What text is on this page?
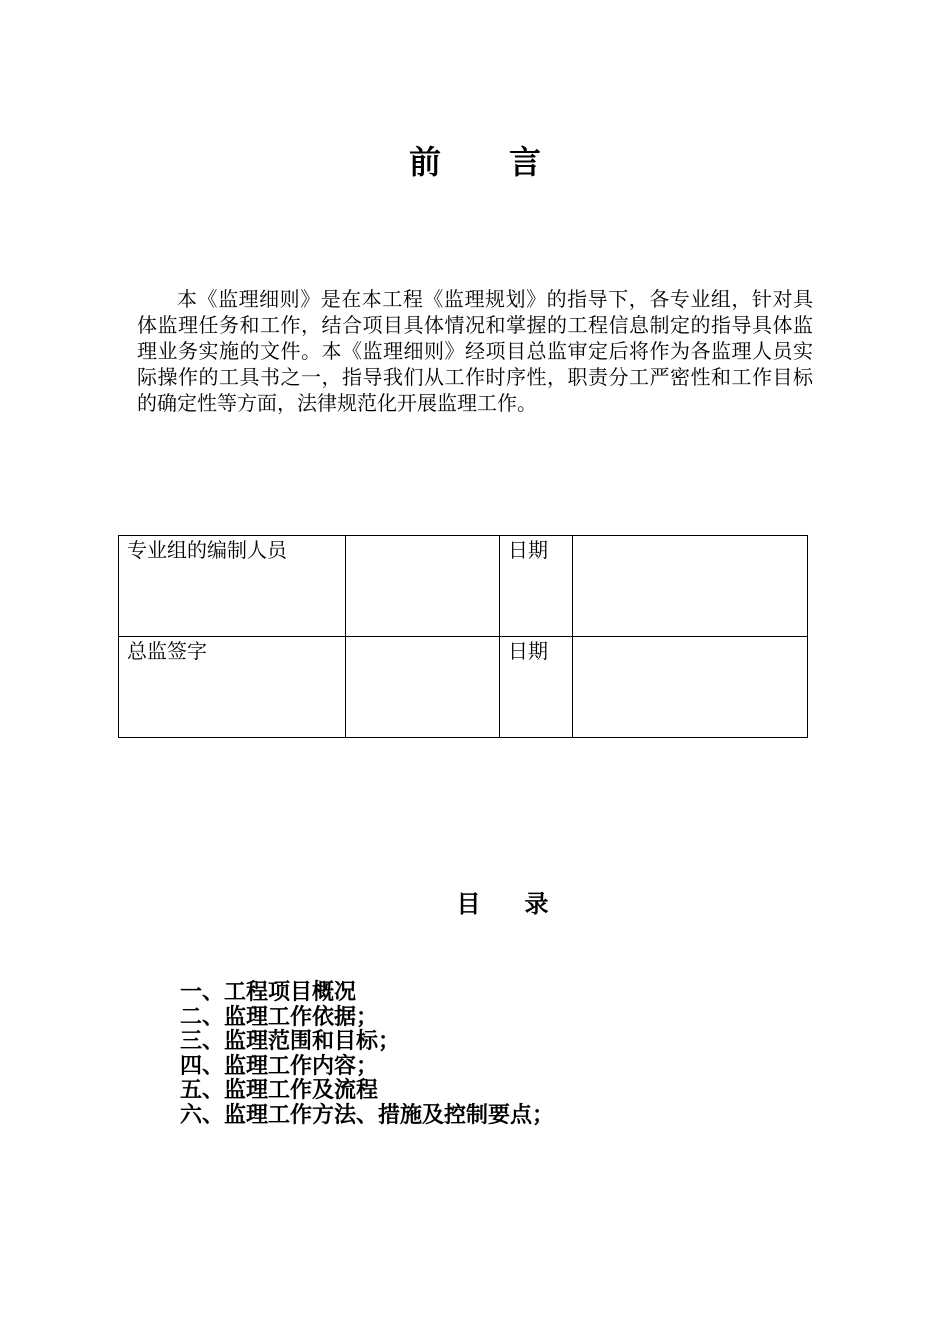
前言

本《监理细则》是在本工程《监理规划》的指导下，各专业组，针对具体监理任务和工作，结合项目具体情况和掌握的工程信息制定的指导具体监理业务实施的文件。本《监理细则》经项目总监审定后将作为各监理人员实际操作的工具书之一，指导我们从工作时序性，职责分工严密性和工作目标的确定性等方面，法律规范化开展监理工作。

专业组的编制人员		日期	
总监签字		日期	
目录
一、工程项目概况
二、监理工作依据；
三、监理范围和目标；
四、监理工作内容；
五、监理工作及流程
六、监理工作方法、措施及控制要点；
